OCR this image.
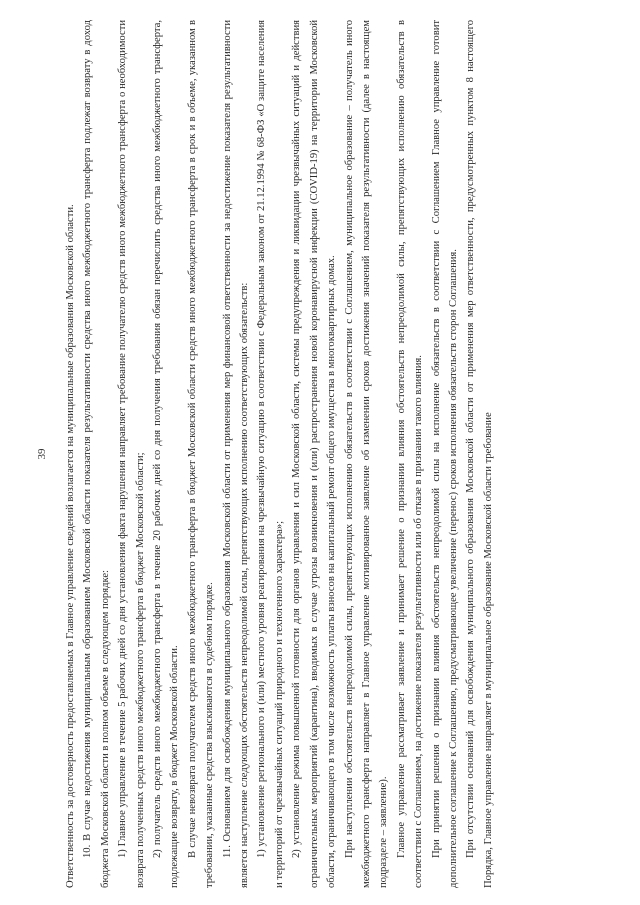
39 Ответственность за достоверность предоставляемых в Главное управление сведений возлагается на муниципальные образования Московской области. 10. В случае недостижения муниципальным образованием Московской области показателя результативности средства иного межбюджетного трансферта подлежат возврату в доход бюджета Московской области в полном объеме в следующем порядке: 1) Главное управление в течение 5 рабочих дней со дня установления факта нарушения направляет требование получателю средств иного межбюджетного трансферта о необходимости возврата полученных средств иного межбюджетного трансферта в бюджет Московской области; 2) получатель средств иного межбюджетного трансферта в течение 20 рабочих дней со дня получения требования обязан перечислить средства иного межбюджетного трансферта, подлежащие возврату, в бюджет Московской области. В случае невозврата получателем средств иного межбюджетного трансферта в бюджет Московской области средств иного межбюджетного трансферта в срок и в объеме, указанном в требовании, указанные средства взыскиваются в судебном порядке. 11. Основанием для освобождения муниципального образования Московской области от применения мер финансовой ответственности за недостижение показателя результативности является наступление следующих обстоятельств непреодолимой силы, препятствующих исполнению соответствующих обязательств: 1) установление регионального и (или) местного уровня реагирования на чрезвычайную ситуацию в соответствии с Федеральным законом от 21.12.1994 № 68-ФЗ «О защите населения и территорий от чрезвычайных ситуаций природного и техногенного характера»; 2) установление режима повышенной готовности для органов управления и сил Московской области, системы предупреждения и ликвидации чрезвычайных ситуаций и действия ограничительных мероприятий (карантина), вводимых в случае угрозы возникновения и (или) распространения новой коронавирусной инфекции (COVID-19) на территории Московской области, ограничивающего в том числе возможность уплаты взносов на капитальный ремонт общего имущества в многоквартирных домах. При наступлении обстоятельств непреодолимой силы, препятствующих исполнению обязательств в соответствии с Соглашением, муниципальное образование – получатель иного межбюджетного трансферта направляет в Главное управление мотивированное заявление об изменении сроков достижения значений показателя результативности (далее в настоящем подразделе – заявление). Главное управление рассматривает заявление и принимает решение о признании влияния обстоятельств непреодолимой силы, препятствующих исполнению обязательств в соответствии с Соглашением, на достижение показателя результативности или об отказе в признании такого влияния. При принятии решения о признании влияния обстоятельств непреодолимой силы на исполнение обязательств в соответствии с Соглашением Главное управление готовит дополнительное соглашение к Соглашению, предусматривающее увеличение (перенос) сроков исполнения обязательств сторон Соглашения. При отсутствии оснований для освобождения муниципального образования Московской области от применения мер ответственности, предусмотренных пунктом 8 настоящего Порядка, Главное управление направляет в муниципальное образование Московской области требование
